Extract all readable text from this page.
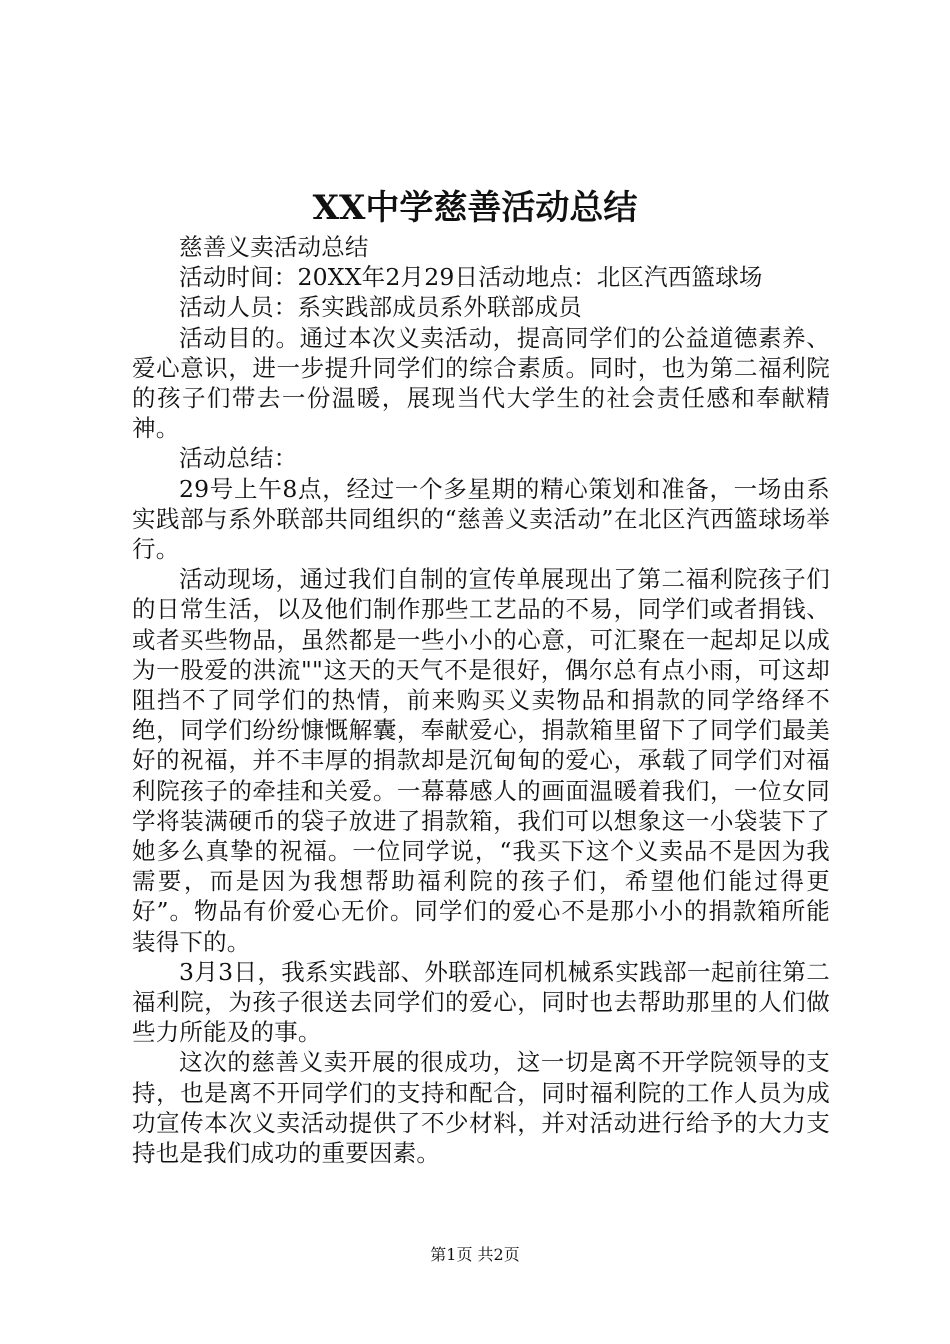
XX中学慈善活动总结

慈善义卖活动总结

活动时间：20XX年2月29日活动地点：北区汽西篮球场

活动人员：系实践部成员系外联部成员

活动目的。通过本次义卖活动，提高同学们的公益道德素养、爱心意识，进一步提升同学们的综合素质。同时，也为第二福利院的孩子们带去一份温暖，展现当代大学生的社会责任感和奉献精神。

活动总结：

29号上午8点，经过一个多星期的精心策划和准备，一场由系实践部与系外联部共同组织的“慈善义卖活动”在北区汽西篮球场举行。

活动现场，通过我们自制的宣传单展现出了第二福利院孩子们的日常生活，以及他们制作那些工艺品的不易，同学们或者捐钱、或者买些物品，虽然都是一些小小的心意，可汇聚在一起却足以成为一股爱的洪流""这天的天气不是很好，偶尔总有点小雨，可这却阻挡不了同学们的热情，前来购买义卖物品和捐款的同学络绎不绝，同学们纷纷慷慨解囊，奉献爱心，捐款箱里留下了同学们最美好的祝福，并不丰厚的捐款却是沉甸甸的爱心，承载了同学们对福利院孩子的牵挂和关爱。一幕幕感人的画面温暖着我们，一位女同学将装满硬币的袋子放进了捐款箱，我们可以想象这一小袋装下了她多么真挚的祝福。一位同学说，“我买下这个义卖品不是因为我需要，而是因为我想帮助福利院的孩子们，希望他们能过得更好”。物品有价爱心无价。同学们的爱心不是那小小的捐款箱所能装得下的。

3月3日，我系实践部、外联部连同机械系实践部一起前往第二福利院，为孩子很送去同学们的爱心，同时也去帮助那里的人们做些力所能及的事。

这次的慈善义卖开展的很成功，这一切是离不开学院领导的支持，也是离不开同学们的支持和配合，同时福利院的工作人员为成功宣传本次义卖活动提供了不少材料，并对活动进行给予的大力支持也是我们成功的重要因素。

第1页 共2页
